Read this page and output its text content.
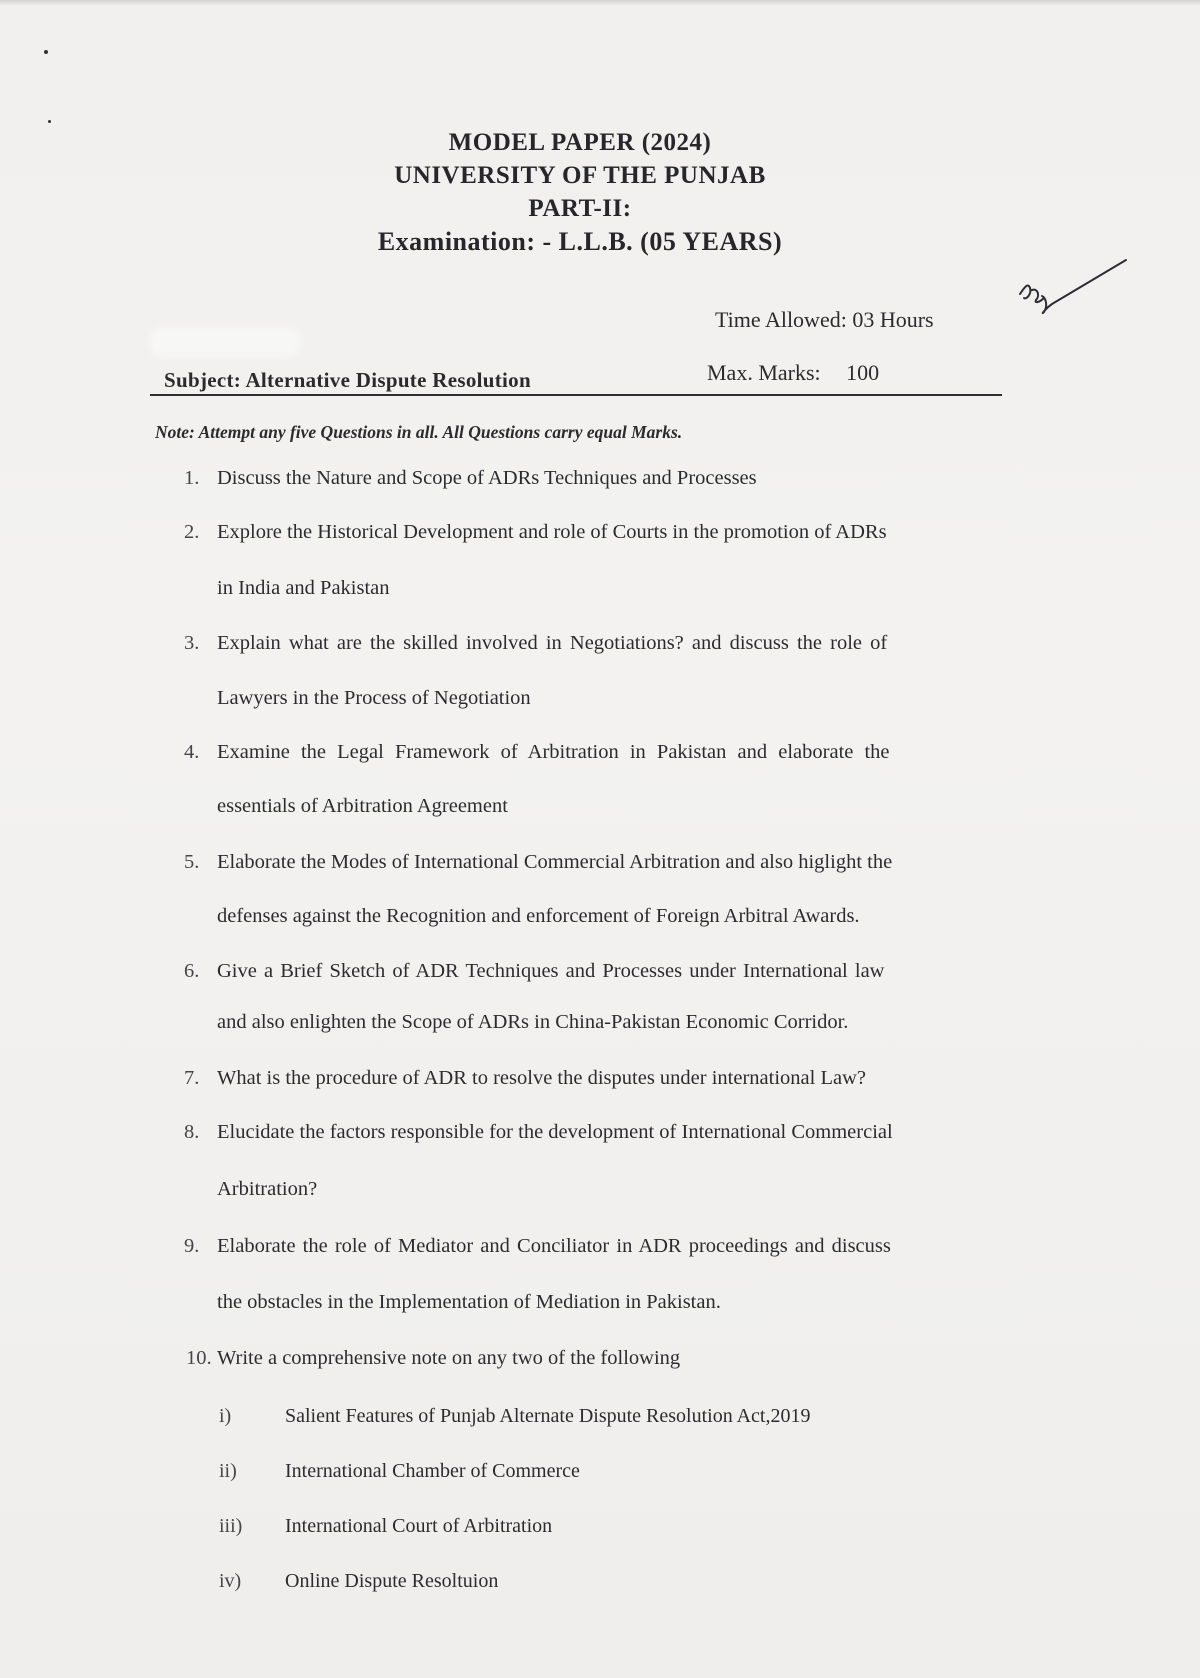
MODEL PAPER (2024)
UNIVERSITY OF THE PUNJAB
PART-II:
Examination: - L.L.B. (05 YEARS)
Time Allowed: 03 Hours
Subject: Alternative Dispute Resolution	Max. Marks: 100
Note: Attempt any five Questions in all. All Questions carry equal Marks.
1. Discuss the Nature and Scope of ADRs Techniques and Processes
2. Explore the Historical Development and role of Courts in the promotion of ADRs
in India and Pakistan
3. Explain what are the skilled involved in Negotiations? and discuss the role of
Lawyers in the Process of Negotiation
4. Examine the Legal Framework of Arbitration in Pakistan and elaborate the
essentials of Arbitration Agreement
5. Elaborate the Modes of International Commercial Arbitration and also higlight the
defenses against the Recognition and enforcement of Foreign Arbitral Awards.
6. Give a Brief Sketch of ADR Techniques and Processes under International law
and also enlighten the Scope of ADRs in China-Pakistan Economic Corridor.
7. What is the procedure of ADR to resolve the disputes under international Law?
8. Elucidate the factors responsible for the development of International Commercial
Arbitration?
9. Elaborate the role of Mediator and Conciliator in ADR proceedings and discuss
the obstacles in the Implementation of Mediation in Pakistan.
10. Write a comprehensive note on any two of the following
i)	Salient Features of Punjab Alternate Dispute Resolution Act,2019
ii) International Chamber of Commerce
iii) International Court of Arbitration
iv) Online Dispute Resoltuion
